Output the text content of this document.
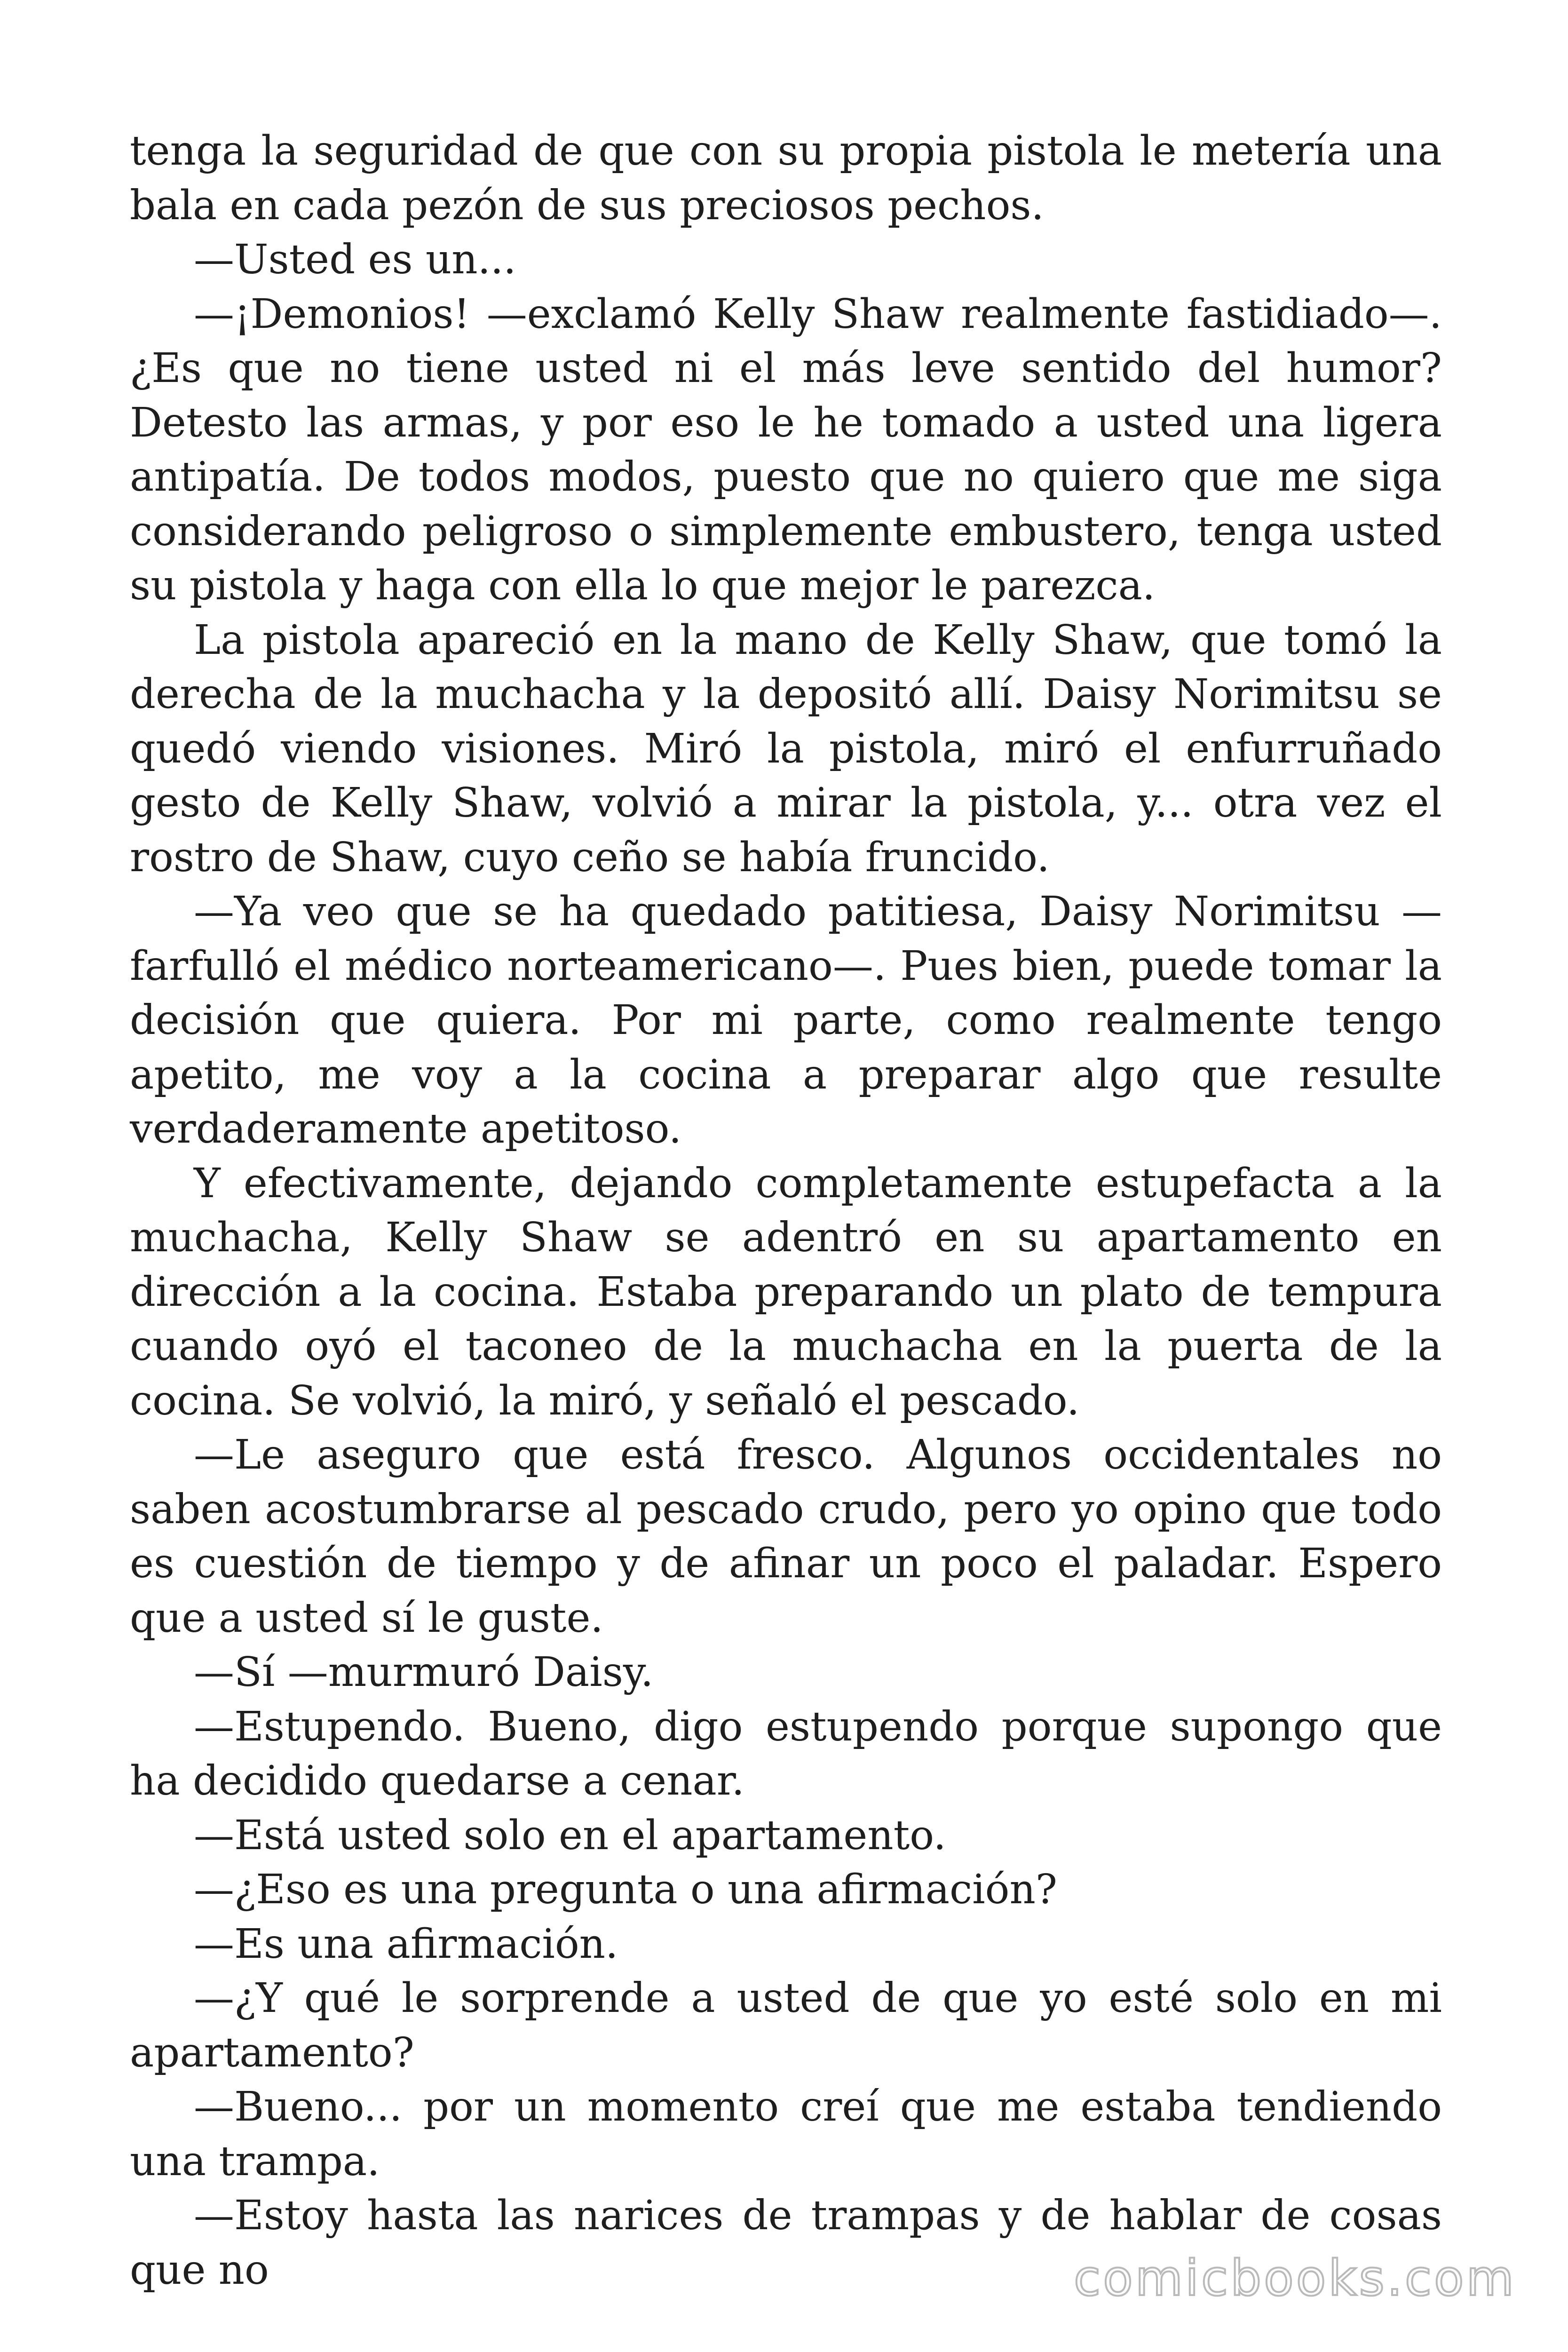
tenga la seguridad de que con su propia pistola le metería una bala en cada pezón de sus preciosos pechos.

—Usted es un...

—¡Demonios! —exclamó Kelly Shaw realmente fastidiado—. ¿Es que no tiene usted ni el más leve sentido del humor? Detesto las armas, y por eso le he tomado a usted una ligera antipatía. De todos modos, puesto que no quiero que me siga considerando peligroso o simplemente embustero, tenga usted su pistola y haga con ella lo que mejor le parezca.

La pistola apareció en la mano de Kelly Shaw, que tomó la derecha de la muchacha y la depositó allí. Daisy Norimitsu se quedó viendo visiones. Miró la pistola, miró el enfurruñado gesto de Kelly Shaw, volvió a mirar la pistola, y... otra vez el rostro de Shaw, cuyo ceño se había fruncido.

—Ya veo que se ha quedado patitiesa, Daisy Norimitsu —farfulló el médico norteamericano—. Pues bien, puede tomar la decisión que quiera. Por mi parte, como realmente tengo apetito, me voy a la cocina a preparar algo que resulte verdaderamente apetitoso.

Y efectivamente, dejando completamente estupefacta a la muchacha, Kelly Shaw se adentró en su apartamento en dirección a la cocina. Estaba preparando un plato de tempura cuando oyó el taconeo de la muchacha en la puerta de la cocina. Se volvió, la miró, y señaló el pescado.

—Le aseguro que está fresco. Algunos occidentales no saben acostumbrarse al pescado crudo, pero yo opino que todo es cuestión de tiempo y de afinar un poco el paladar. Espero que a usted sí le guste.

—Sí —murmuró Daisy.

—Estupendo. Bueno, digo estupendo porque supongo que ha decidido quedarse a cenar.

—Está usted solo en el apartamento.

—¿Eso es una pregunta o una afirmación?

—Es una afirmación.

—¿Y qué le sorprende a usted de que yo esté solo en mi apartamento?

—Bueno... por un momento creí que me estaba tendiendo una trampa.

—Estoy hasta las narices de trampas y de hablar de cosas que no	comicbooks.com
